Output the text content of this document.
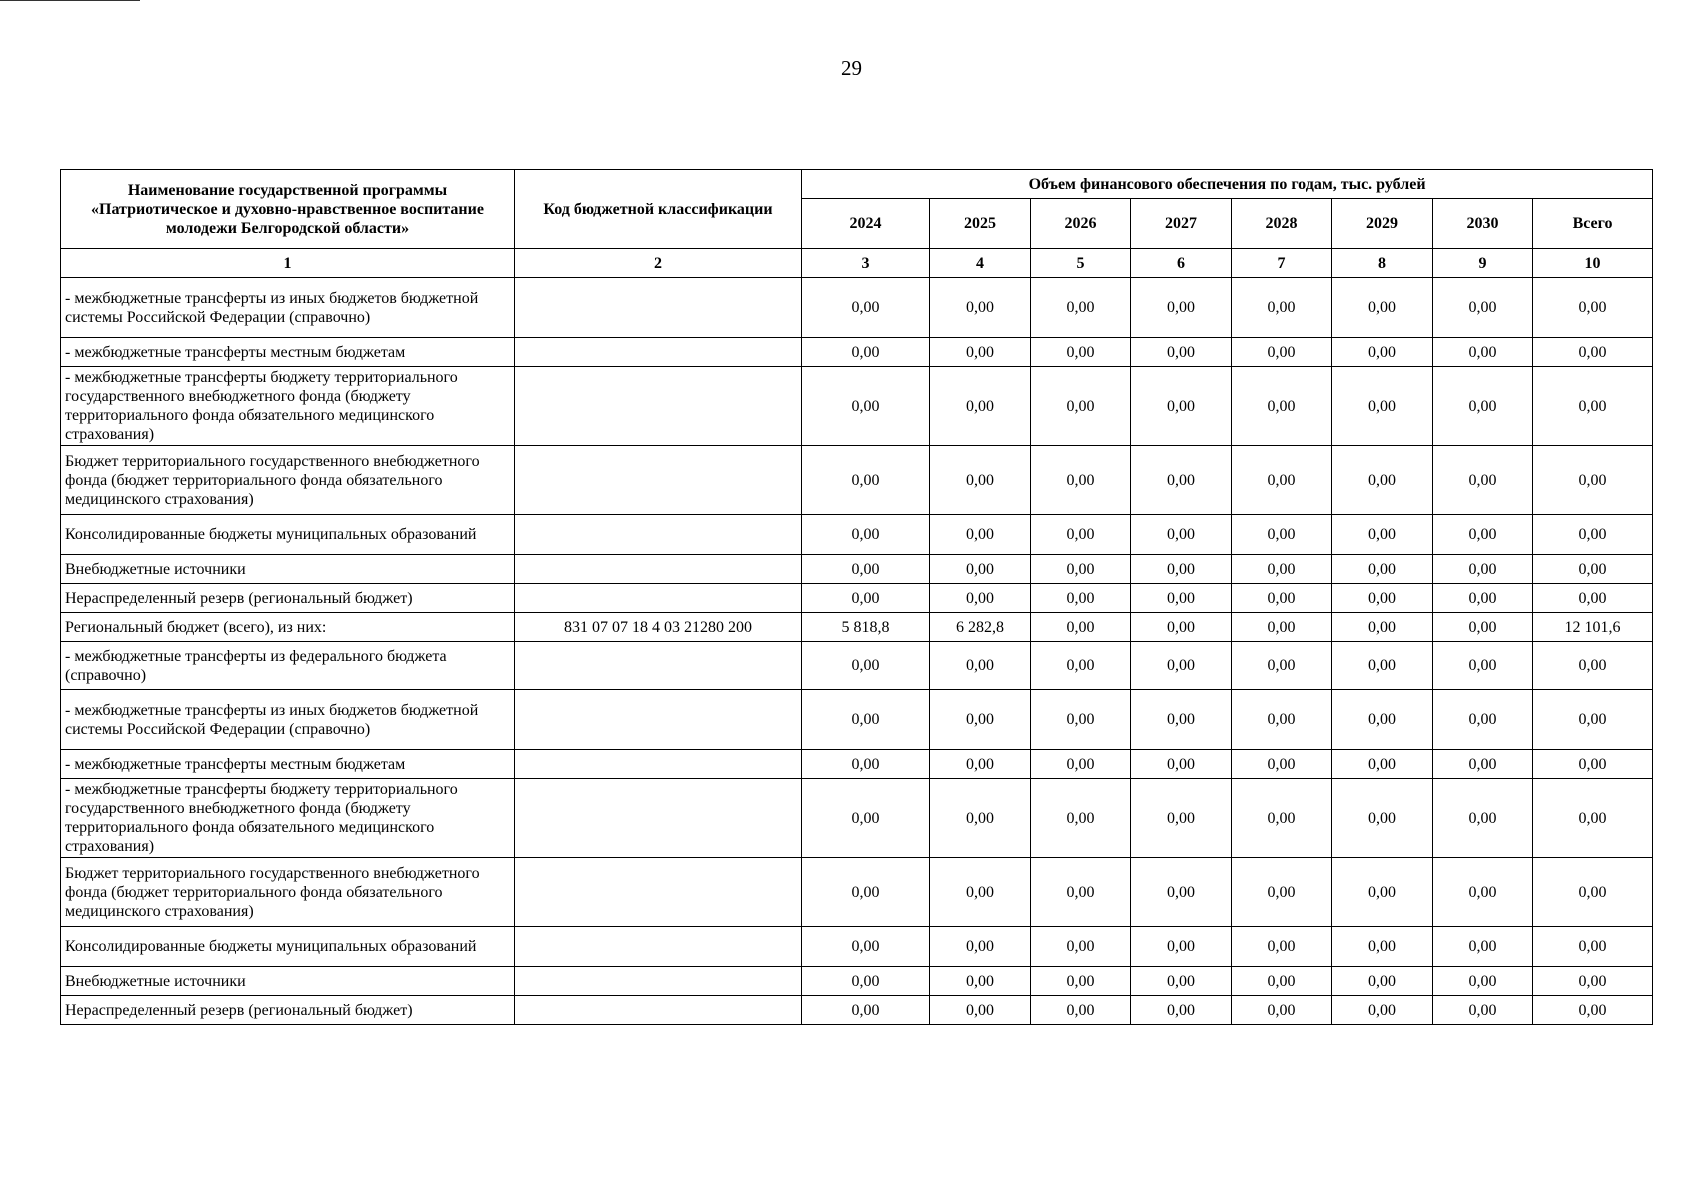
29
Наименование государственной программы «Патриотическое и духовно-нравственное воспитание молодежи Белгородской области»	Код бюджетной классификации	Объем финансового обеспечения по годам, тыс. рублей							
		2024	2025	2026	2027	2028	2029	2030	Всего
1	2	3	4	5	6	7	8	9	10
- межбюджетные трансферты из иных бюджетов бюджетной системы Российской Федерации (справочно)		0,00	0,00	0,00	0,00	0,00	0,00	0,00	0,00
- межбюджетные трансферты местным бюджетам		0,00	0,00	0,00	0,00	0,00	0,00	0,00	0,00
- межбюджетные трансферты бюджету территориального государственного внебюджетного фонда (бюджету территориального фонда обязательного медицинского страхования)		0,00	0,00	0,00	0,00	0,00	0,00	0,00	0,00
Бюджет территориального государственного внебюджетного фонда (бюджет территориального фонда обязательного медицинского страхования)		0,00	0,00	0,00	0,00	0,00	0,00	0,00	0,00
Консолидированные бюджеты муниципальных образований		0,00	0,00	0,00	0,00	0,00	0,00	0,00	0,00
Внебюджетные источники		0,00	0,00	0,00	0,00	0,00	0,00	0,00	0,00
Нераспределенный резерв (региональный бюджет)		0,00	0,00	0,00	0,00	0,00	0,00	0,00	0,00
Региональный бюджет (всего), из них:	831 07 07 18 4 03 21280 200	5 818,8	6 282,8	0,00	0,00	0,00	0,00	0,00	12 101,6
- межбюджетные трансферты из федерального бюджета (справочно)		0,00	0,00	0,00	0,00	0,00	0,00	0,00	0,00
- межбюджетные трансферты из иных бюджетов бюджетной системы Российской Федерации (справочно)		0,00	0,00	0,00	0,00	0,00	0,00	0,00	0,00
- межбюджетные трансферты местным бюджетам		0,00	0,00	0,00	0,00	0,00	0,00	0,00	0,00
- межбюджетные трансферты бюджету территориального государственного внебюджетного фонда (бюджету территориального фонда обязательного медицинского страхования)		0,00	0,00	0,00	0,00	0,00	0,00	0,00	0,00
Бюджет территориального государственного внебюджетного фонда (бюджет территориального фонда обязательного медицинского страхования)		0,00	0,00	0,00	0,00	0,00	0,00	0,00	0,00
Консолидированные бюджеты муниципальных образований		0,00	0,00	0,00	0,00	0,00	0,00	0,00	0,00
Внебюджетные источники		0,00	0,00	0,00	0,00	0,00	0,00	0,00	0,00
Нераспределенный резерв (региональный бюджет)		0,00	0,00	0,00	0,00	0,00	0,00	0,00	0,00
